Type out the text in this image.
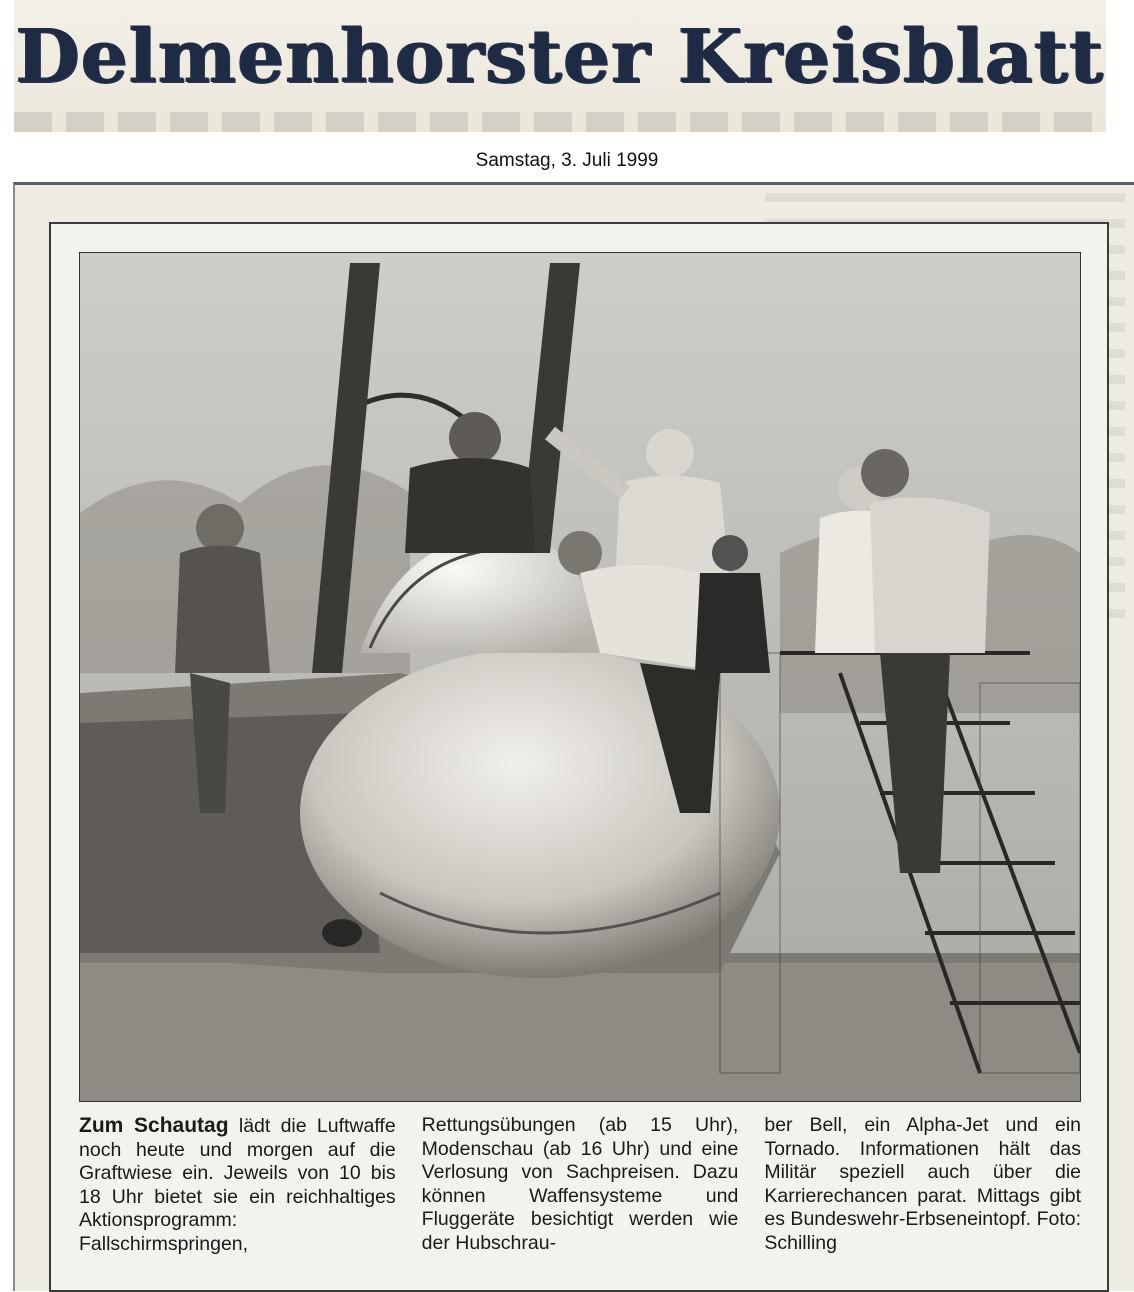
Delmenhorster Kreisblatt
Samstag, 3. Juli 1999
Zum Schautag lädt die Luftwaffe noch heute und morgen auf die Graftwiese ein. Jeweils von 10 bis 18 Uhr bietet sie ein reichhaltiges Aktionsprogramm: Fallschirmspringen,
Rettungsübungen (ab 15 Uhr), Modenschau (ab 16 Uhr) und eine Verlosung von Sachpreisen. Dazu können Waffensysteme und Fluggeräte besichtigt werden wie der Hubschrau-
ber Bell, ein Alpha-Jet und ein Tornado. Informationen hält das Militär speziell auch über die Karrierechancen parat. Mittags gibt es Bundeswehr-Erbseneintopf. Foto: Schilling
